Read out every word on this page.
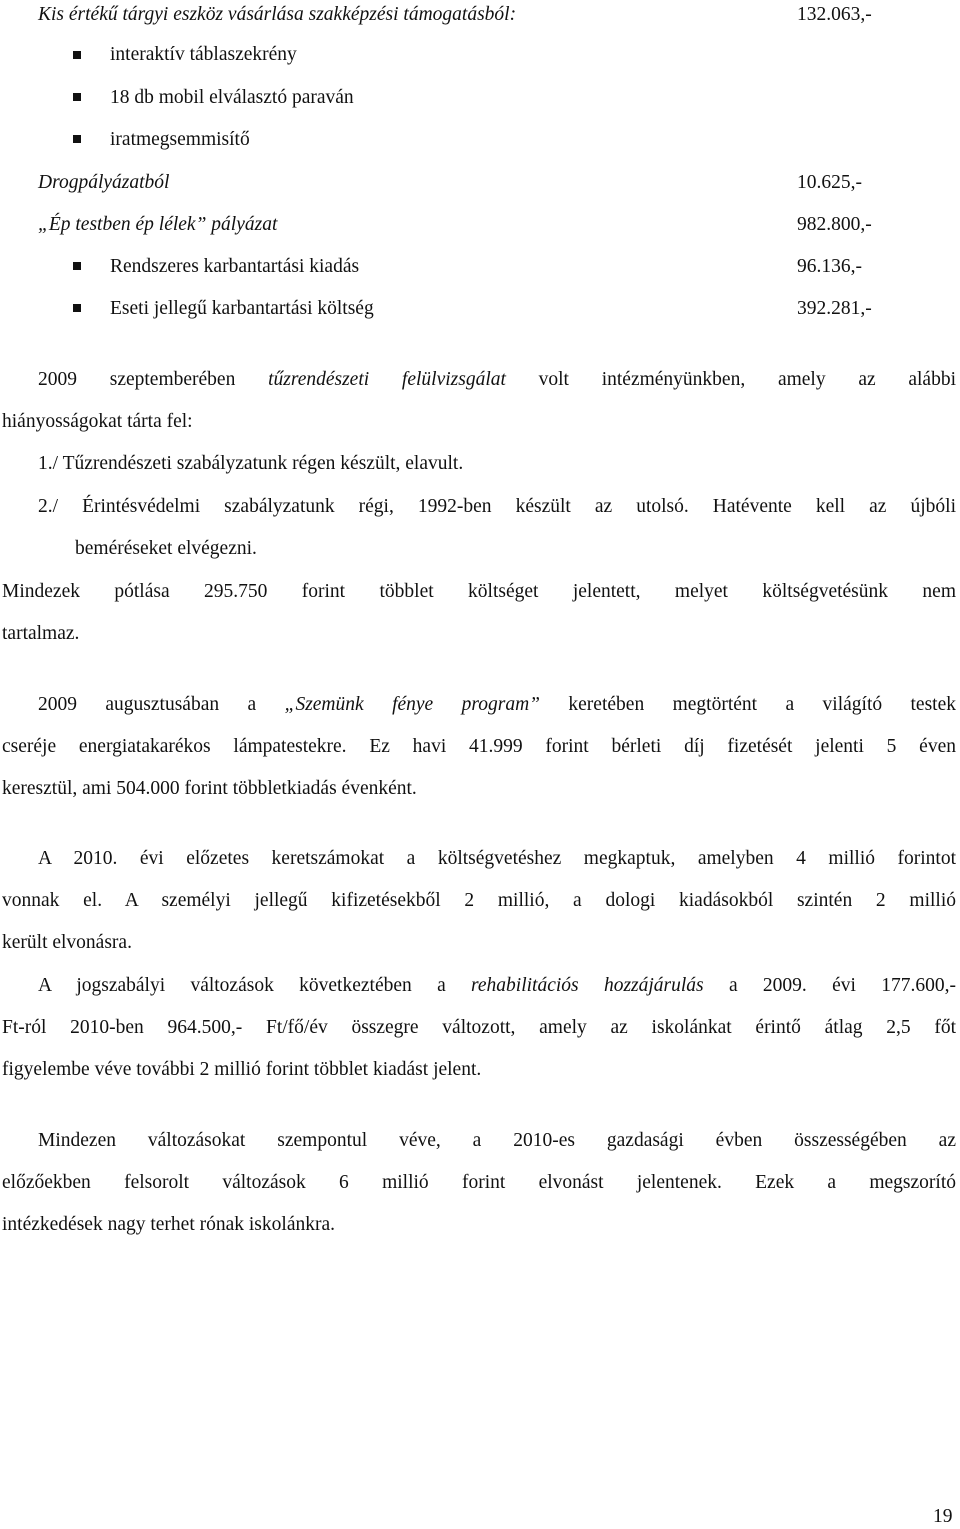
Kis értékű tárgyi eszköz vásárlása szakképzési támogatásból:	132.063,-
interaktív táblaszekrény
18 db mobil elválasztó paraván
iratmegsemmisítő
Drogpályázatból	10.625,-
„Ép testben ép lélek” pályázat	982.800,-
Rendszeres karbantartási kiadás	96.136,-
Eseti jellegű karbantartási költség	392.281,-
2009 szeptemberében tűzrendészeti felülvizsgálat volt intézményünkben, amely az alábbi
hiányosságokat tárta fel:
1./ Tűzrendészeti szabályzatunk régen készült, elavult.
2./ Érintésvédelmi szabályzatunk régi, 1992-ben készült az utolsó. Hatévente kell az újbóli
beméréseket elvégezni.
Mindezek pótlása 295.750 forint többlet költséget jelentett, melyet költségvetésünk nem
tartalmaz.
2009 augusztusában a „Szemünk fénye program” keretében megtörtént a világító testek
cseréje energiatakarékos lámpatestekre. Ez havi 41.999 forint bérleti díj fizetését jelenti 5 éven
keresztül, ami 504.000 forint többletkiadás évenként.
A 2010. évi előzetes keretszámokat a költségvetéshez megkaptuk, amelyben 4 millió forintot
vonnak el. A személyi jellegű kifizetésekből 2 millió, a dologi kiadásokból szintén 2 millió
került elvonásra.
A jogszabályi változások következtében a rehabilitációs hozzájárulás a 2009. évi 177.600,-
Ft-ról 2010-ben 964.500,- Ft/fő/év összegre változott, amely az iskolánkat érintő átlag 2,5 főt
figyelembe véve további 2 millió forint többlet kiadást jelent.
Mindezen változásokat szempontul véve, a 2010-es gazdasági évben összességében az
előzőekben felsorolt változások 6 millió forint elvonást jelentenek. Ezek a megszorító
intézkedések nagy terhet rónak iskolánkra.
19
